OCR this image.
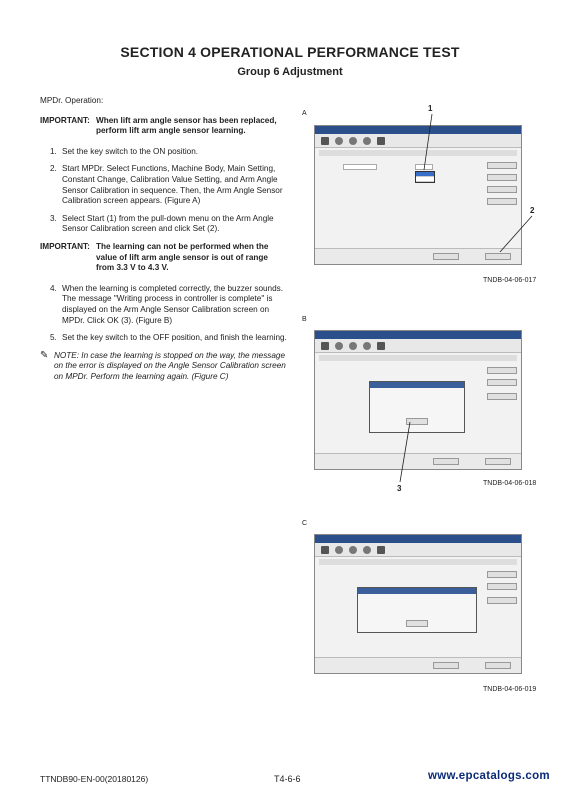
SECTION 4 OPERATIONAL PERFORMANCE TEST
Group 6 Adjustment
MPDr. Operation:
IMPORTANT: When lift arm angle sensor has been replaced, perform lift arm angle sensor learning.
1. Set the key switch to the ON position.
2. Start MPDr. Select Functions, Machine Body, Main Setting, Constant Change, Calibration Value Setting, and Arm Angle Sensor Calibration in sequence. Then, the Arm Angle Sensor Calibration screen appears. (Figure A)
3. Select Start (1) from the pull-down menu on the Arm Angle Sensor Calibration screen and click Set (2).
IMPORTANT: The learning can not be performed when the value of lift arm angle sensor is out of range from 3.3 V to 4.3 V.
4. When the learning is completed correctly, the buzzer sounds. The message "Writing process in controller is complete" is displayed on the Arm Angle Sensor Calibration screen on MPDr. Click OK (3). (Figure B)
5. Set the key switch to the OFF position, and finish the learning.
✎ NOTE: In case the learning is stopped on the way, the message on the error is displayed on the Angle Sensor Calibration screen on MPDr. Perform the learning again. (Figure C)
A
1
2
TNDB-04-06-017
B
3
TNDB-04-06-018
C
TNDB-04-06-019
TTNDB90-EN-00(20180126)	T4-6-6	www.epcatalogs.com
